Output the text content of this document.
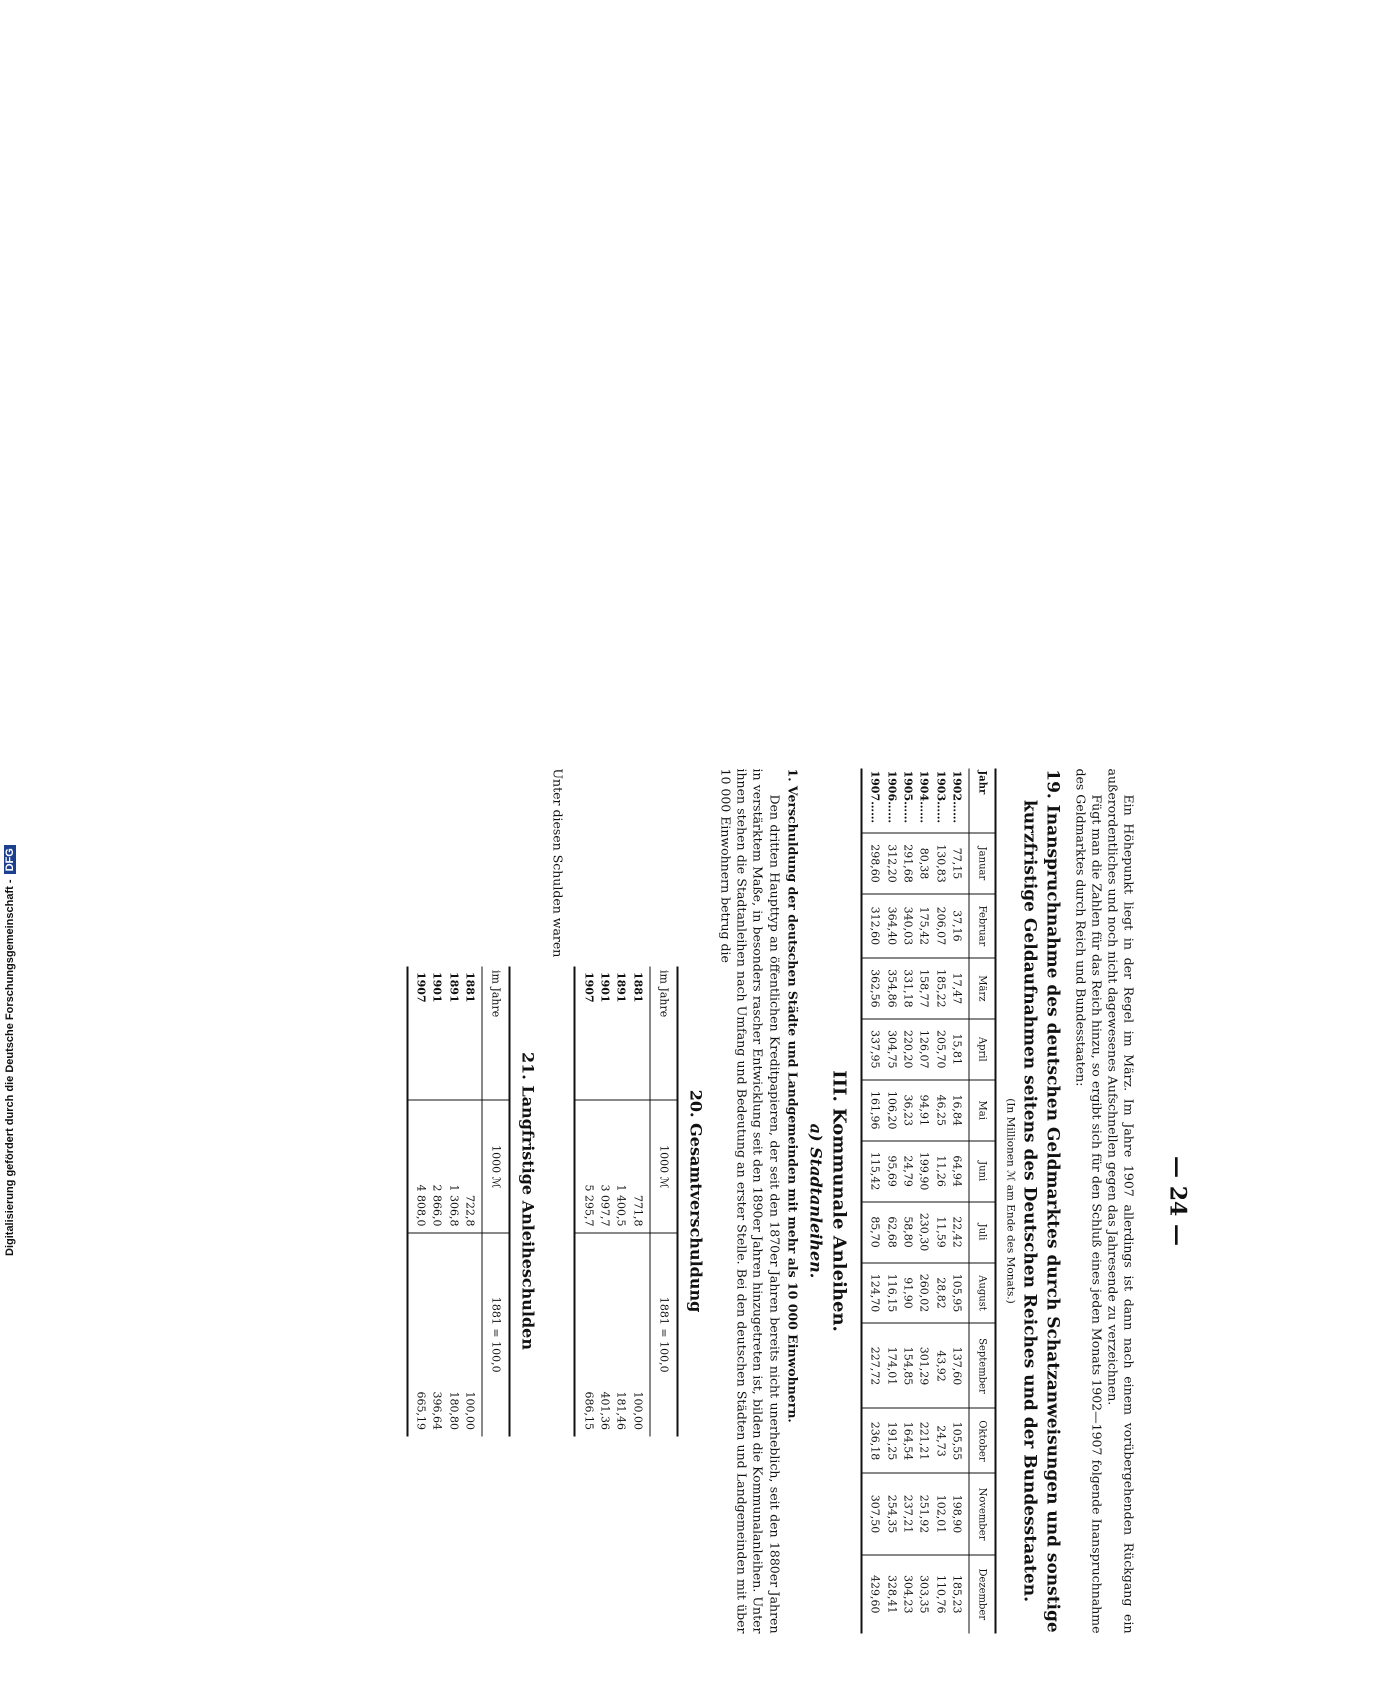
Digitalisierung gefördert durch die Deutsche Forschungsgemeinschaft - DFG
— 24 —

Ein Höhepunkt liegt in der Regel im März. Im Jahre 1907 allerdings ist dann nach einem vorübergehenden Rückgang ein außerordentliches und noch nicht dagewesenes Aufschnellen gegen das Jahresende zu verzeichnen.

Fügt man die Zahlen für das Reich hinzu, so ergibt sich für den Schluß eines jeden Monats 1902—1907 folgende Inanspruchnahme des Geldmarktes durch Reich und Bundesstaaten:

19. Inanspruchnahme des deutschen Geldmarktes durch Schatzanweisungen und sonstige kurzfristige Geldaufnahmen seitens des Deutschen Reiches und der Bundesstaaten.
(In Millionen ℳ am Ende des Monats.)
Jahr	Januar	Februar	März	April	Mai	Juni	Juli	August	September	Oktober	November	Dezember
1902……	77,15	37,16	17,47	15,81	16,84	64,94	22,42	105,95	137,60	105,55	198,90	185,23
1903……	130,83	206,07	185,22	205,70	46,25	11,26	11,59	28,82	43,92	24,73	102,01	110,76
1904……	80,38	175,42	158,77	126,07	94,91	199,90	230,30	260,02	301,29	221,21	251,92	303,35
1905……	291,68	340,03	331,18	220,20	36,23	24,79	58,80	91,90	154,85	164,54	237,21	304,23
1906……	312,20	364,40	354,86	304,75	106,20	95,69	62,68	116,15	174,01	191,25	254,35	328,41
1907……	298,60	312,60	362,56	337,95	161,96	115,42	85,70	124,70	227,72	236,18	307,50	429,60
III. Kommunale Anleihen.
a) Stadtanleihen.
1. Verschuldung der deutschen Städte und Landgemeinden mit mehr als 10 000 Einwohnern.

Den dritten Haupttyp an öffentlichen Kreditpapieren, der seit den 1870er Jahren bereits nicht unerheblich, seit den 1880er Jahren in verstärktem Maße, in besonders rascher Entwicklung seit den 1890er Jahren hinzugetreten ist, bilden die Kommunalanleihen. Unter ihnen stehen die Stadtanleihen nach Umfang und Bedeutung an erster Stelle. Bei den deutschen Städten und Landgemeinden mit über 10 000 Einwohnern betrug die

20. Gesamtverschuldung
im Jahre	1000 ℳ	1881 = 100,0
1881	771,8	100,00
1891	1 400,5	181,46
1901	3 097,7	401,36
1907	5 295,7	686,15

Unter diesen Schulden waren

21. Langfristige Anleiheschulden
im Jahre	1000 ℳ	1881 = 100,0
1881	722,8	100,00
1891	1 306,8	180,80
1901	2 866,0	396,64
1907	4 808,0	665,19
